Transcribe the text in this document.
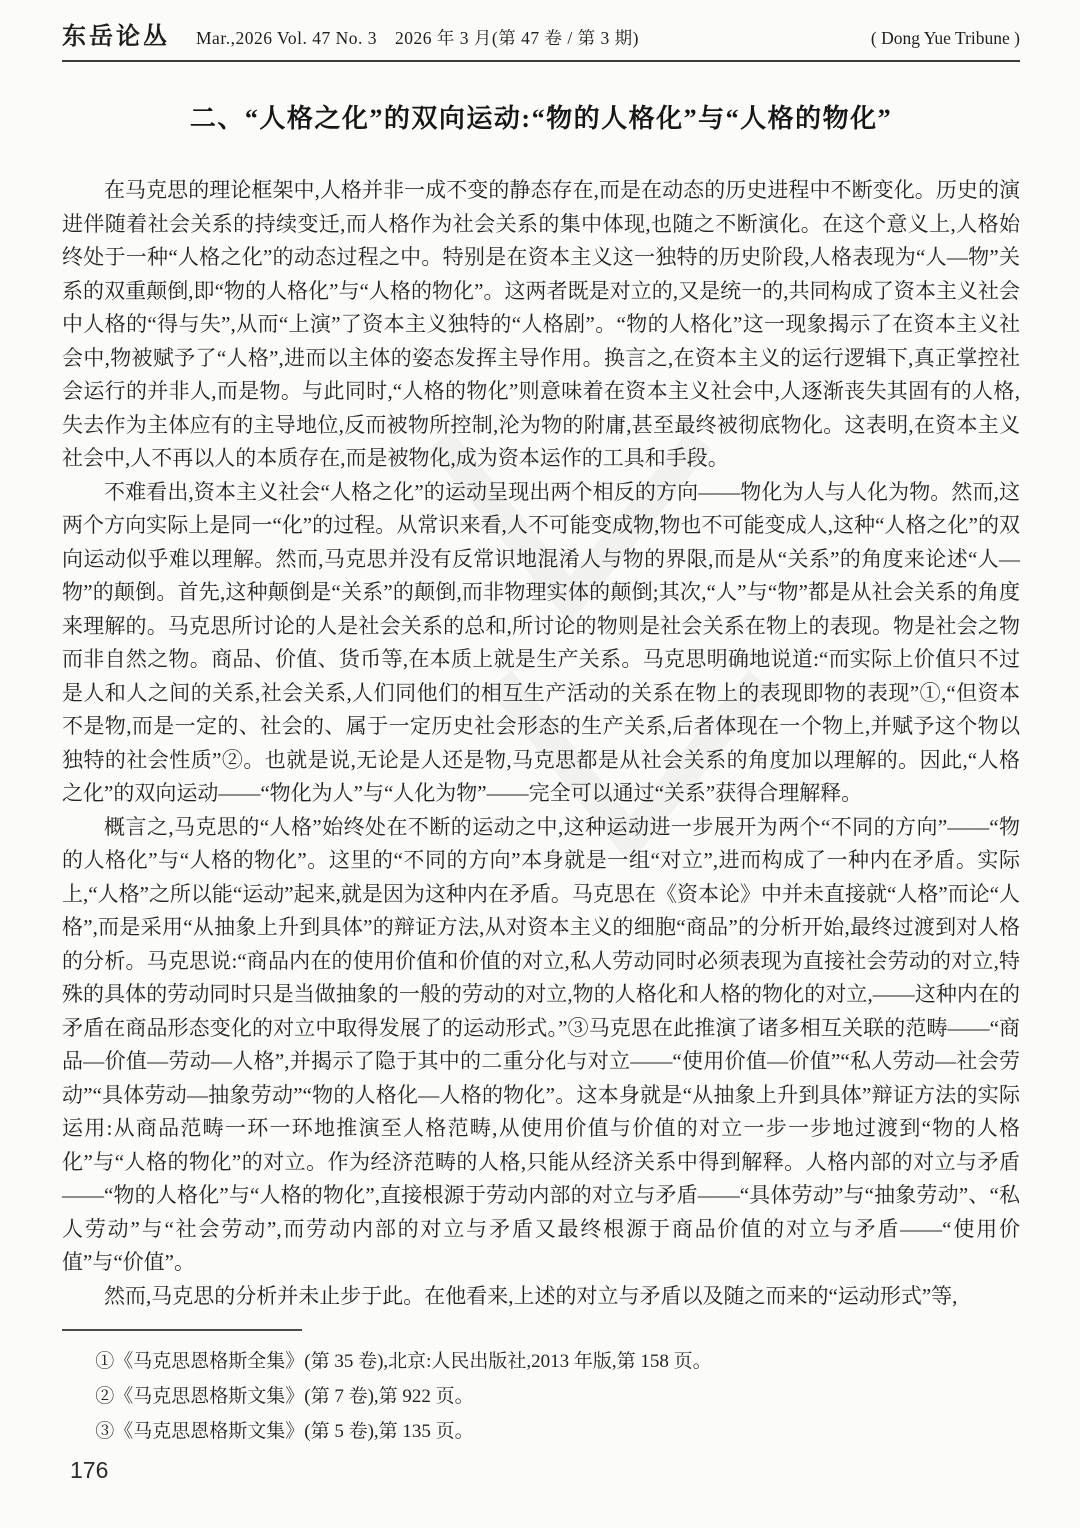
东岳论丛 Mar.,2026 Vol. 47 No. 3　2026 年 3 月(第 47 卷 / 第 3 期)	( Dong Yue Tribune )
二、“人格之化”的双向运动:“物的人格化”与“人格的物化”

在马克思的理论框架中,人格并非一成不变的静态存在,而是在动态的历史进程中不断变化。历史的演进伴随着社会关系的持续变迁,而人格作为社会关系的集中体现,也随之不断演化。在这个意义上,人格始终处于一种“人格之化”的动态过程之中。特别是在资本主义这一独特的历史阶段,人格表现为“人—物”关系的双重颠倒,即“物的人格化”与“人格的物化”。这两者既是对立的,又是统一的,共同构成了资本主义社会中人格的“得与失”,从而“上演”了资本主义独特的“人格剧”。“物的人格化”这一现象揭示了在资本主义社会中,物被赋予了“人格”,进而以主体的姿态发挥主导作用。换言之,在资本主义的运行逻辑下,真正掌控社会运行的并非人,而是物。与此同时,“人格的物化”则意味着在资本主义社会中,人逐渐丧失其固有的人格,失去作为主体应有的主导地位,反而被物所控制,沦为物的附庸,甚至最终被彻底物化。这表明,在资本主义社会中,人不再以人的本质存在,而是被物化,成为资本运作的工具和手段。

不难看出,资本主义社会“人格之化”的运动呈现出两个相反的方向——物化为人与人化为物。然而,这两个方向实际上是同一“化”的过程。从常识来看,人不可能变成物,物也不可能变成人,这种“人格之化”的双向运动似乎难以理解。然而,马克思并没有反常识地混淆人与物的界限,而是从“关系”的角度来论述“人—物”的颠倒。首先,这种颠倒是“关系”的颠倒,而非物理实体的颠倒;其次,“人”与“物”都是从社会关系的角度来理解的。马克思所讨论的人是社会关系的总和,所讨论的物则是社会关系在物上的表现。物是社会之物而非自然之物。商品、价值、货币等,在本质上就是生产关系。马克思明确地说道:“而实际上价值只不过是人和人之间的关系,社会关系,人们同他们的相互生产活动的关系在物上的表现即物的表现”①,“但资本不是物,而是一定的、社会的、属于一定历史社会形态的生产关系,后者体现在一个物上,并赋予这个物以独特的社会性质”②。也就是说,无论是人还是物,马克思都是从社会关系的角度加以理解的。因此,“人格之化”的双向运动——“物化为人”与“人化为物”——完全可以通过“关系”获得合理解释。

概言之,马克思的“人格”始终处在不断的运动之中,这种运动进一步展开为两个“不同的方向”——“物的人格化”与“人格的物化”。这里的“不同的方向”本身就是一组“对立”,进而构成了一种内在矛盾。实际上,“人格”之所以能“运动”起来,就是因为这种内在矛盾。马克思在《资本论》中并未直接就“人格”而论“人格”,而是采用“从抽象上升到具体”的辩证方法,从对资本主义的细胞“商品”的分析开始,最终过渡到对人格的分析。马克思说:“商品内在的使用价值和价值的对立,私人劳动同时必须表现为直接社会劳动的对立,特殊的具体的劳动同时只是当做抽象的一般的劳动的对立,物的人格化和人格的物化的对立,——这种内在的矛盾在商品形态变化的对立中取得发展了的运动形式。”③马克思在此推演了诸多相互关联的范畴——“商品—价值—劳动—人格”,并揭示了隐于其中的二重分化与对立——“使用价值—价值”“私人劳动—社会劳动”“具体劳动—抽象劳动”“物的人格化—人格的物化”。这本身就是“从抽象上升到具体”辩证方法的实际运用:从商品范畴一环一环地推演至人格范畴,从使用价值与价值的对立一步一步地过渡到“物的人格化”与“人格的物化”的对立。作为经济范畴的人格,只能从经济关系中得到解释。人格内部的对立与矛盾——“物的人格化”与“人格的物化”,直接根源于劳动内部的对立与矛盾——“具体劳动”与“抽象劳动”、“私人劳动”与“社会劳动”,而劳动内部的对立与矛盾又最终根源于商品价值的对立与矛盾——“使用价值”与“价值”。

然而,马克思的分析并未止步于此。在他看来,上述的对立与矛盾以及随之而来的“运动形式”等,

①《马克思恩格斯全集》(第 35 卷),北京:人民出版社,2013 年版,第 158 页。

②《马克思恩格斯文集》(第 7 卷),第 922 页。

③《马克思恩格斯文集》(第 5 卷),第 135 页。

176
